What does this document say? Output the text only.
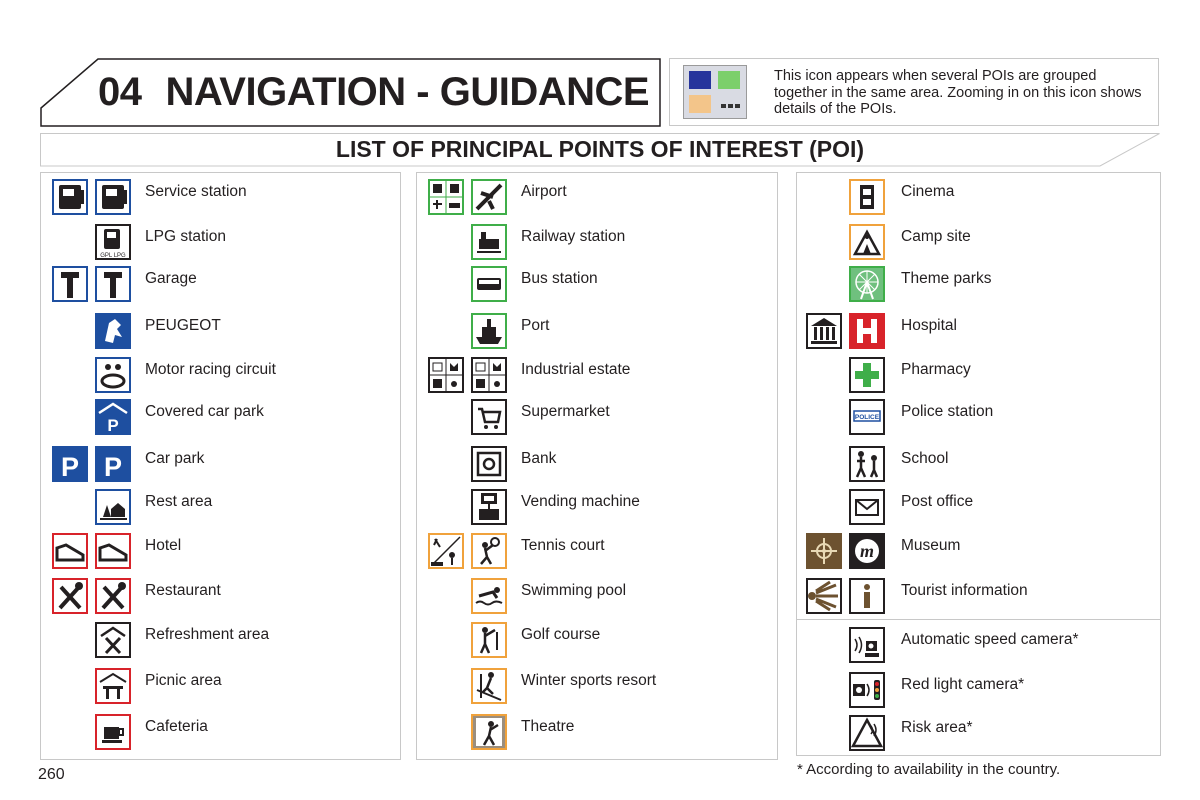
04 NAVIGATION - GUIDANCE	This icon appears when several POIs are grouped together in the same area. Zooming in on this icon shows details of the POIs.
LIST OF PRINCIPAL POINTS OF INTEREST (POI)
Service station
GPL LPG
LPG station
Garage
PEUGEOT
Motor racing circuit
P
Covered car park
P P Car park
Rest area
Hotel
Restaurant
Refreshment area
Picnic area
Cafeteria
Airport
Railway station
Bus station
Port
Industrial estate
Supermarket
Bank
Vending machine
Tennis court
Swimming pool
Golf course
Winter sports resort
Theatre
Cinema
Camp site
Theme parks
Hospital
Pharmacy
POLICE Police station
School
Post office
m Museum
Tourist information
Automatic speed camera*
Red light camera*
Risk area*
260	* According to availability in the country.
